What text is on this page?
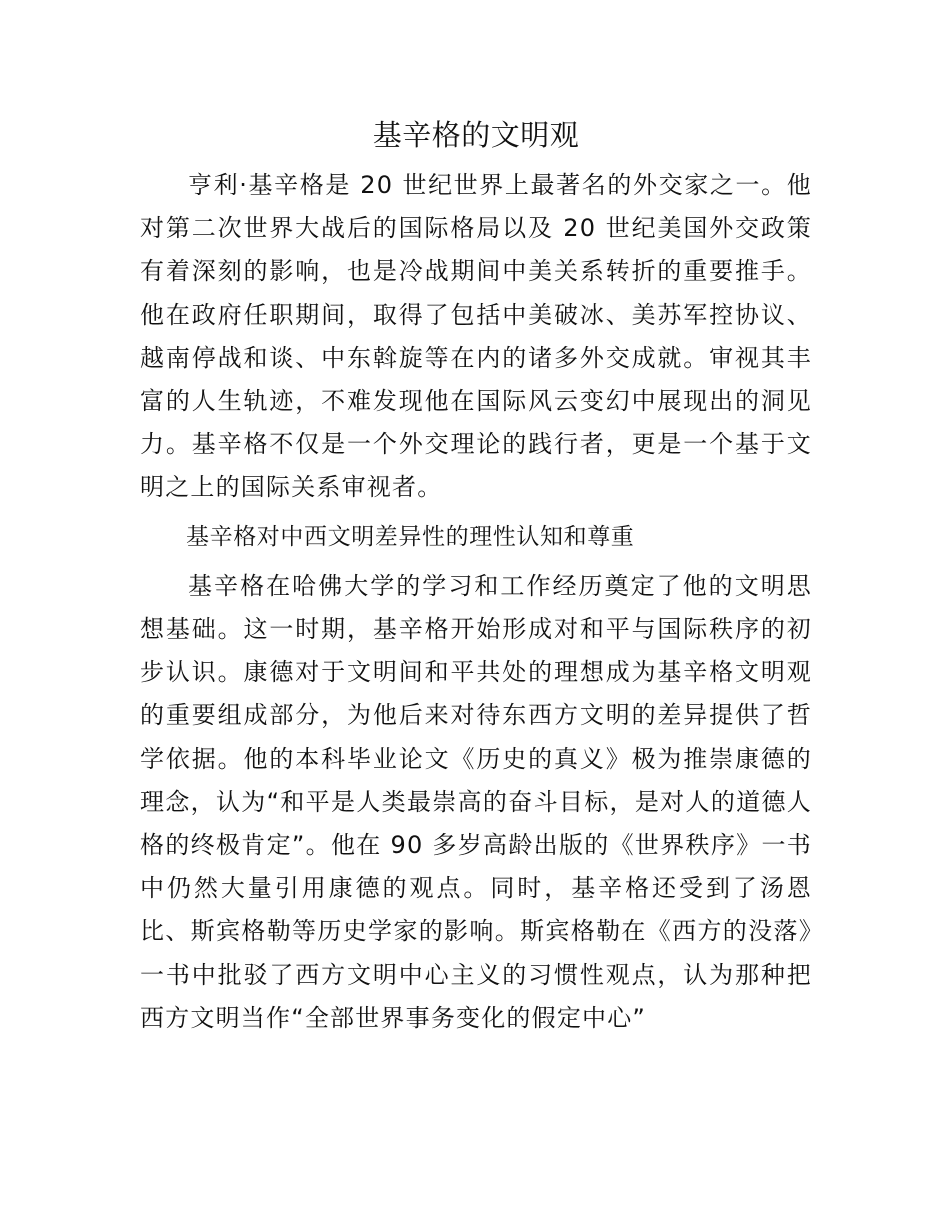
基辛格的文明观

亨利·基辛格是 20 世纪世界上最著名的外交家之一。他对第二次世界大战后的国际格局以及 20 世纪美国外交政策有着深刻的影响，也是冷战期间中美关系转折的重要推手。他在政府任职期间，取得了包括中美破冰、美苏军控协议、越南停战和谈、中东斡旋等在内的诸多外交成就。审视其丰富的人生轨迹，不难发现他在国际风云变幻中展现出的洞见力。基辛格不仅是一个外交理论的践行者，更是一个基于文明之上的国际关系审视者。

基辛格对中西文明差异性的理性认知和尊重

基辛格在哈佛大学的学习和工作经历奠定了他的文明思想基础。这一时期，基辛格开始形成对和平与国际秩序的初步认识。康德对于文明间和平共处的理想成为基辛格文明观的重要组成部分，为他后来对待东西方文明的差异提供了哲学依据。他的本科毕业论文《历史的真义》极为推崇康德的理念，认为“和平是人类最崇高的奋斗目标，是对人的道德人格的终极肯定”。他在 90 多岁高龄出版的《世界秩序》一书中仍然大量引用康德的观点。同时，基辛格还受到了汤恩比、斯宾格勒等历史学家的影响。斯宾格勒在《西方的没落》一书中批驳了西方文明中心主义的习惯性观点，认为那种把西方文明当作“全部世界事务变化的假定中心”
